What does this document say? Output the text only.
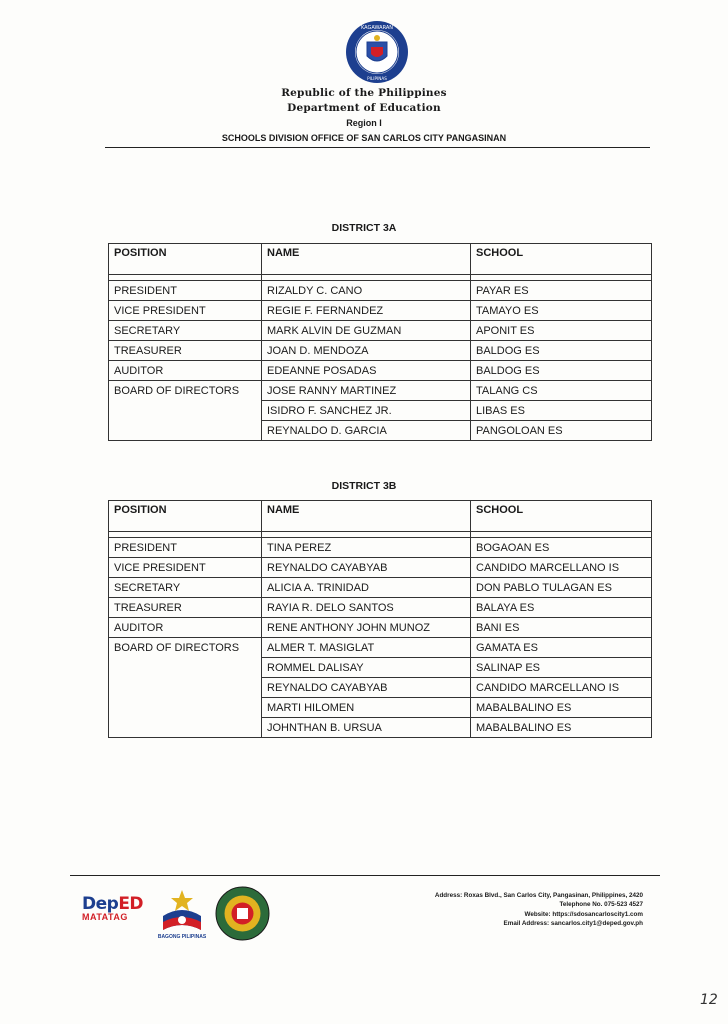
KAGAWARAN
PILIPINAS
Republic of the Philippines
Department of Education
Region I
SCHOOLS DIVISION OFFICE OF SAN CARLOS CITY PANGASINAN
DISTRICT 3A
POSITION	NAME	SCHOOL

PRESIDENT	RIZALDY C. CANO	PAYAR ES
VICE PRESIDENT	REGIE F. FERNANDEZ	TAMAYO ES
SECRETARY	MARK ALVIN DE GUZMAN	APONIT ES
TREASURER	JOAN D. MENDOZA	BALDOG ES
AUDITOR	EDEANNE POSADAS	BALDOG ES
BOARD OF DIRECTORS	JOSE RANNY MARTINEZ	TALANG CS
	ISIDRO F. SANCHEZ JR.	LIBAS ES
	REYNALDO D. GARCIA	PANGOLOAN ES
DISTRICT 3B
POSITION	NAME	SCHOOL

PRESIDENT	TINA PEREZ	BOGAOAN ES
VICE PRESIDENT	REYNALDO CAYABYAB	CANDIDO MARCELLANO IS
SECRETARY	ALICIA A. TRINIDAD	DON PABLO TULAGAN ES
TREASURER	RAYIA R. DELO SANTOS	BALAYA ES
AUDITOR	RENE ANTHONY JOHN MUNOZ	BANI ES
BOARD OF DIRECTORS	ALMER T. MASIGLAT	GAMATA ES
	ROMMEL DALISAY	SALINAP ES
	REYNALDO CAYABYAB	CANDIDO MARCELLANO IS
	MARTI HILOMEN	MABALBALINO ES
	JOHNTHAN B. URSUA	MABALBALINO ES
DepED
MATATAG
BAGONG PILIPINAS
Address: Roxas Blvd., San Carlos City, Pangasinan, Philippines, 2420
Telephone No. 075-523 4527
Website: https://sdosancarloscity1.com
Email Address: sancarlos.city1@deped.gov.ph
12
